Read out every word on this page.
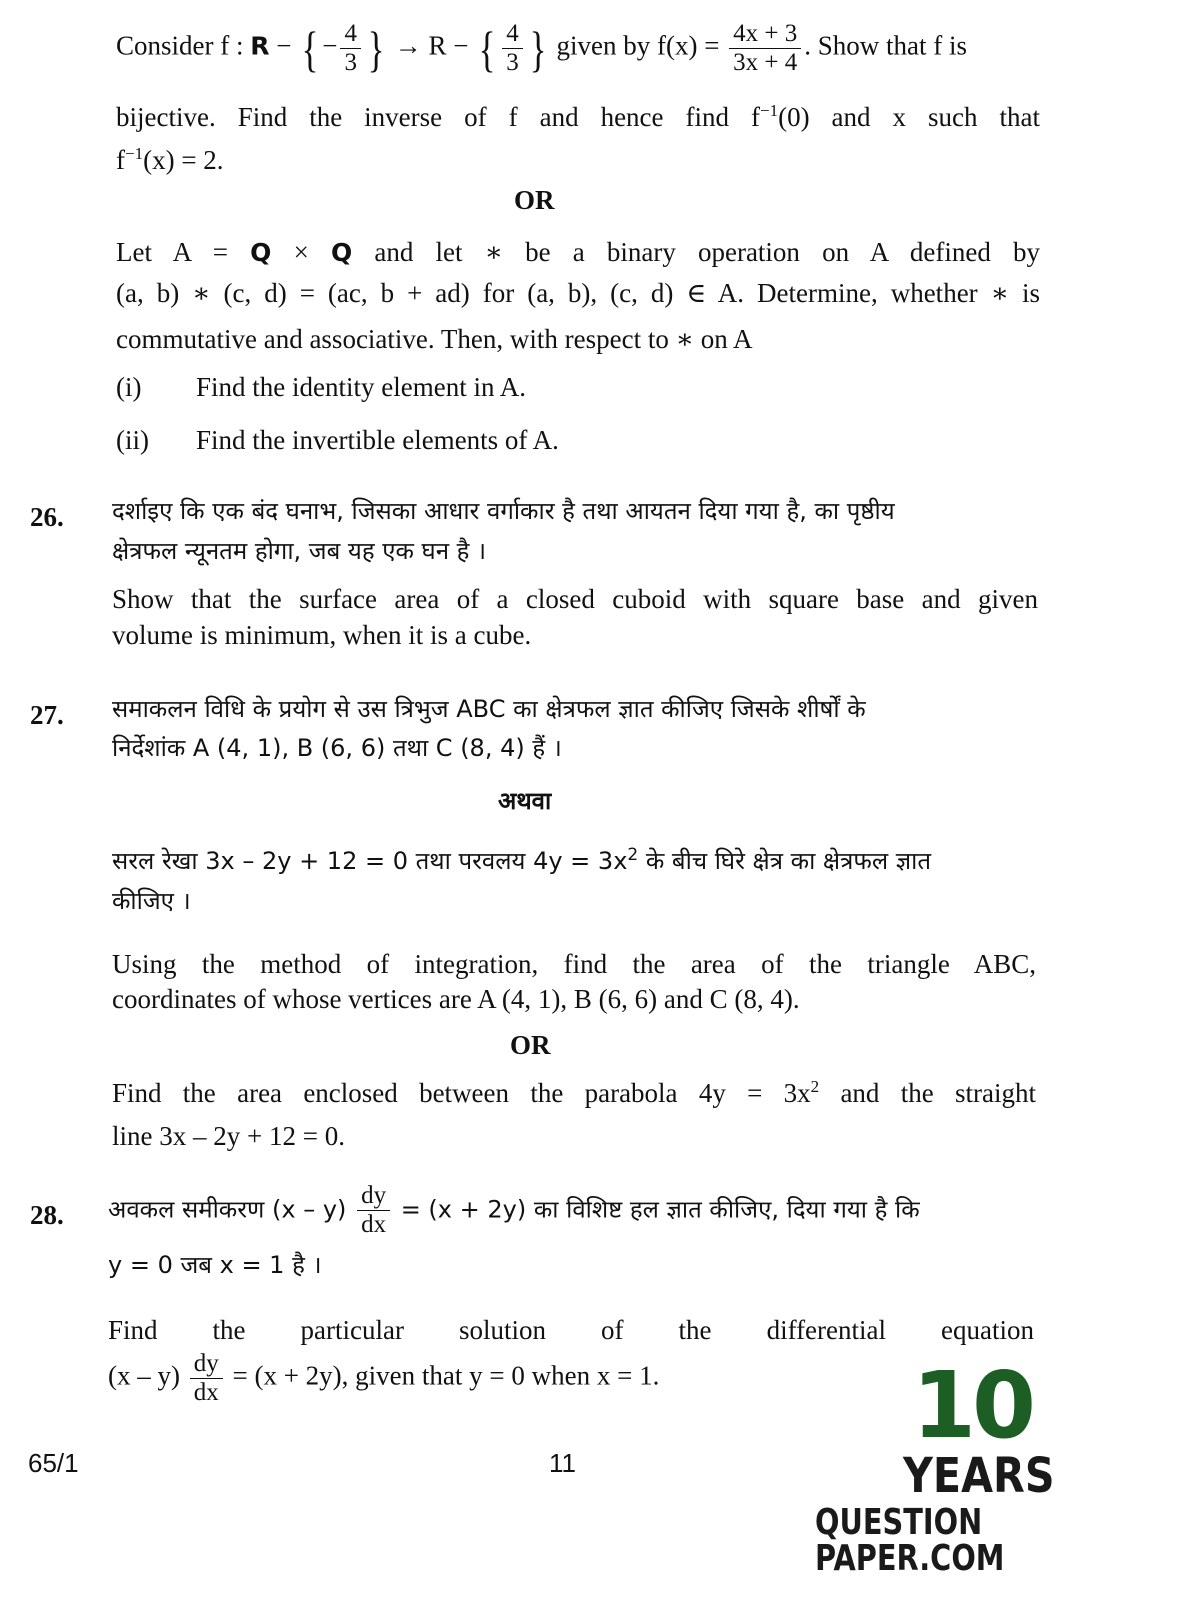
Consider f : R − { − $\frac{4}{3}$ } → R − { $\frac{4}{3}$ } given by $f(x) = \frac{4x + 3}{3x + 4}$ . Show that f is
bijective. Find the inverse of f and hence find $f^{-1}(0)$ and x such that
$f^{-1}(x) = 2$.
OR
Let A = Q × Q and let ∗ be a binary operation on A defined by
(a, b) ∗ (c, d) = (ac, b + ad) for (a, b), (c, d) ∈ A. Determine, whether ∗ is
commutative and associative. Then, with respect to ∗ on A
(i) Find the identity element in A.
(ii) Find the invertible elements of A.
26. दर्शाइए कि एक बंद घनाभ, जिसका आधार वर्गाकार है तथा आयतन दिया गया है, का पृष्ठीय
क्षेत्रफल न्यूनतम होगा, जब यह एक घन है ।
Show that the surface area of a closed cuboid with square base and given
volume is minimum, when it is a cube.
27. समाकलन विधि के प्रयोग से उस त्रिभुज ABC का क्षेत्रफल ज्ञात कीजिए जिसके शीर्षों के
निर्देशांक A (4, 1), B (6, 6) तथा C (8, 4) हैं ।
अथवा
सरल रेखा 3x – 2y + 12 = 0 तथा परवलय $4y = 3x^2$ के बीच घिरे क्षेत्र का क्षेत्रफल ज्ञात
कीजिए ।
Using the method of integration, find the area of the triangle ABC,
coordinates of whose vertices are A (4, 1), B (6, 6) and C (8, 4).
OR
Find the area enclosed between the parabola $4y = 3x^2$ and the straight
line 3x – 2y + 12 = 0.
28. अवकल समीकरण $(x - y) \frac{dy}{dx} = (x + 2y)$ का विशिष्ट हल ज्ञात कीजिए, दिया गया है कि
y = 0 जब x = 1 है ।
Find the particular solution of the differential equation
$(x - y) \frac{dy}{dx} = (x + 2y)$, given that y = 0 when x = 1.
65/1	11
10
YEARS
QUESTION PAPER.COM
